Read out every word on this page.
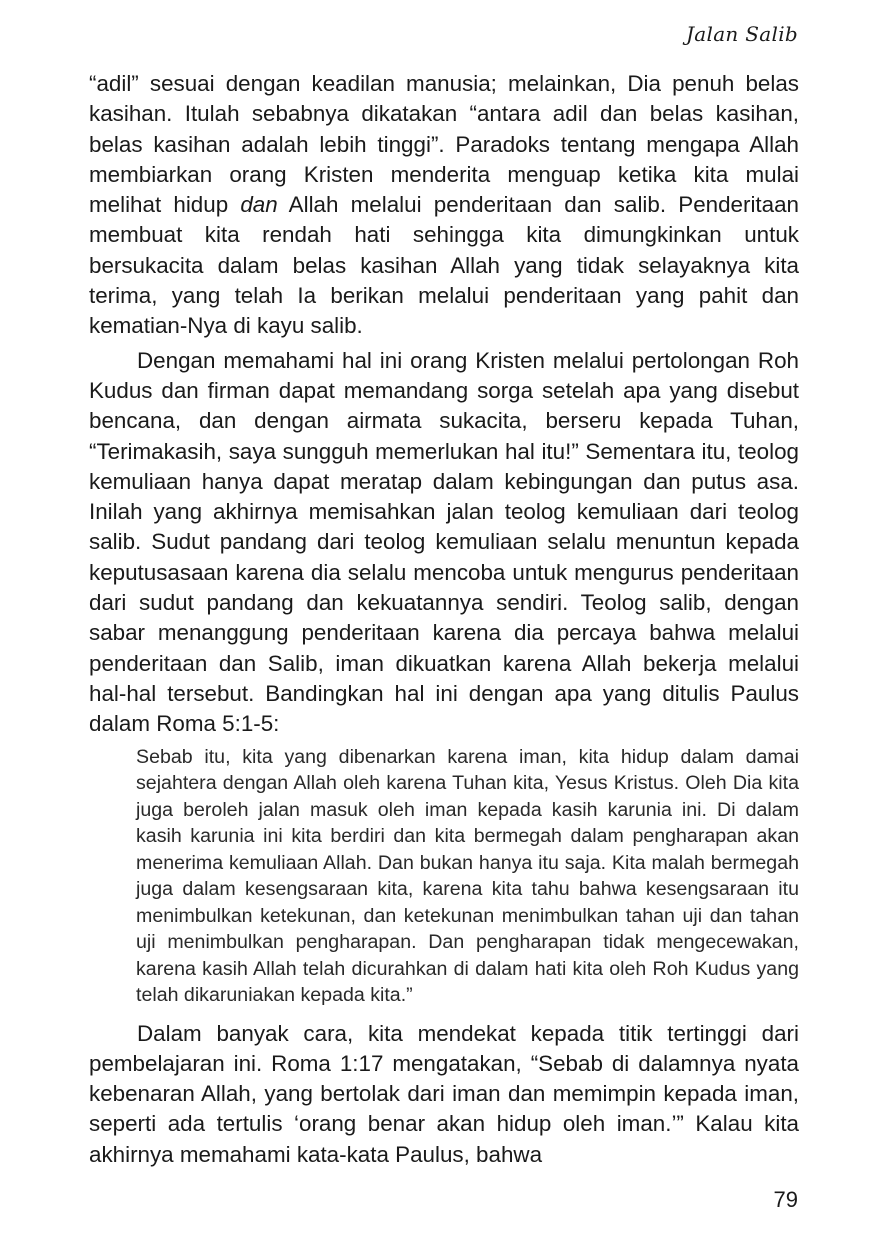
Jalan Salib

“adil” sesuai dengan keadilan manusia; melainkan, Dia penuh belas kasihan. Itulah sebabnya dikatakan “antara adil dan belas kasihan, belas kasihan adalah lebih tinggi”. Paradoks tentang mengapa Allah membiarkan orang Kristen menderita menguap ketika kita mulai melihat hidup dan Allah melalui penderitaan dan salib. Penderitaan membuat kita rendah hati sehingga kita dimungkinkan untuk bersukacita dalam belas kasihan Allah yang tidak selayaknya kita terima, yang telah Ia berikan melalui penderitaan yang pahit dan kematian-Nya di kayu salib.

Dengan memahami hal ini orang Kristen melalui pertolongan Roh Kudus dan firman dapat memandang sorga setelah apa yang disebut bencana, dan dengan airmata sukacita, berseru kepada Tuhan, “Terimakasih, saya sungguh memerlukan hal itu!” Sementara itu, teolog kemuliaan hanya dapat meratap dalam kebingungan dan putus asa. Inilah yang akhirnya memisahkan jalan teolog kemuliaan dari teolog salib. Sudut pandang dari teolog kemuliaan selalu menuntun kepada keputusasaan karena dia selalu mencoba untuk mengurus penderitaan dari sudut pandang dan kekuatannya sendiri. Teolog salib, dengan sabar menanggung penderitaan karena dia percaya bahwa melalui penderitaan dan Salib, iman dikuatkan karena Allah bekerja melalui hal-hal tersebut. Bandingkan hal ini dengan apa yang ditulis Paulus dalam Roma 5:1-5:

Sebab itu, kita yang dibenarkan karena iman, kita hidup dalam damai sejahtera dengan Allah oleh karena Tuhan kita, Yesus Kristus. Oleh Dia kita juga beroleh jalan masuk oleh iman kepada kasih karunia ini. Di dalam kasih karunia ini kita berdiri dan kita bermegah dalam pengharapan akan menerima kemuliaan Allah. Dan bukan hanya itu saja. Kita malah bermegah juga dalam kesengsaraan kita, karena kita tahu bahwa kesengsaraan itu menimbulkan ketekunan, dan ketekunan menimbulkan tahan uji dan tahan uji menimbulkan pengharapan. Dan pengharapan tidak mengecewakan, karena kasih Allah telah dicurahkan di dalam hati kita oleh Roh Kudus yang telah dikaruniakan kepada kita.”

Dalam banyak cara, kita mendekat kepada titik tertinggi dari pembelajaran ini. Roma 1:17 mengatakan, “Sebab di dalamnya nyata kebenaran Allah, yang bertolak dari iman dan memimpin kepada iman, seperti ada tertulis ‘orang benar akan hidup oleh iman.’” Kalau kita akhirnya memahami kata-kata Paulus, bahwa

79
